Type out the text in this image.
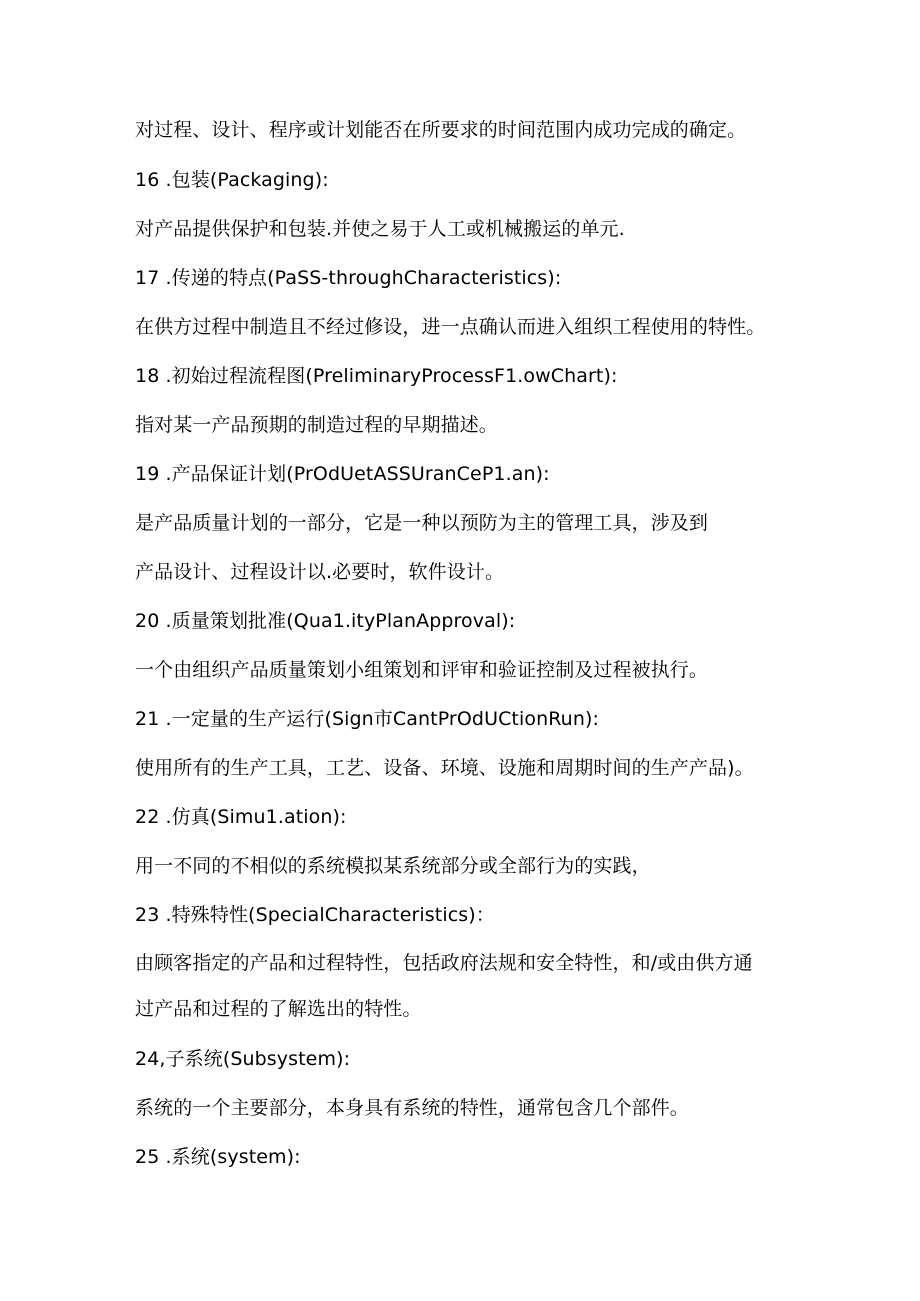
对过程、设计、程序或计划能否在所要求的时间范围内成功完成的确定。
16 .包装(Packaging):
对产品提供保护和包装.并使之易于人工或机械搬运的单元.
17 .传递的特点(PaSS-throughCharacteristics):
在供方过程中制造且不经过修设，进一点确认而进入组织工程使用的特性。
18 .初始过程流程图(PreliminaryProcessF1.owChart):
指对某一产品预期的制造过程的早期描述。
19 .产品保证计划(PrOdUetASSUranCeP1.an):
是产品质量计划的一部分，它是一种以预防为主的管理工具，涉及到
产品设计、过程设计以.必要时，软件设计。
20 .质量策划批准(Qua1.ityPlanApproval):
一个由组织产品质量策划小组策划和评审和验证控制及过程被执行。
21 .一定量的生产运行(Sign市CantPrOdUCtionRun):
使用所有的生产工具，工艺、设备、环境、设施和周期时间的生产产品)。
22 .仿真(Simu1.ation):
用一不同的不相似的系统模拟某系统部分或全部行为的实践，
23 .特殊特性(SpecialCharacteristics)：
由顾客指定的产品和过程特性，包括政府法规和安全特性，和/或由供方通
过产品和过程的了解选出的特性。
24,子系统(Subsystem):
系统的一个主要部分，本身具有系统的特性，通常包含几个部件。
25 .系统(system):
